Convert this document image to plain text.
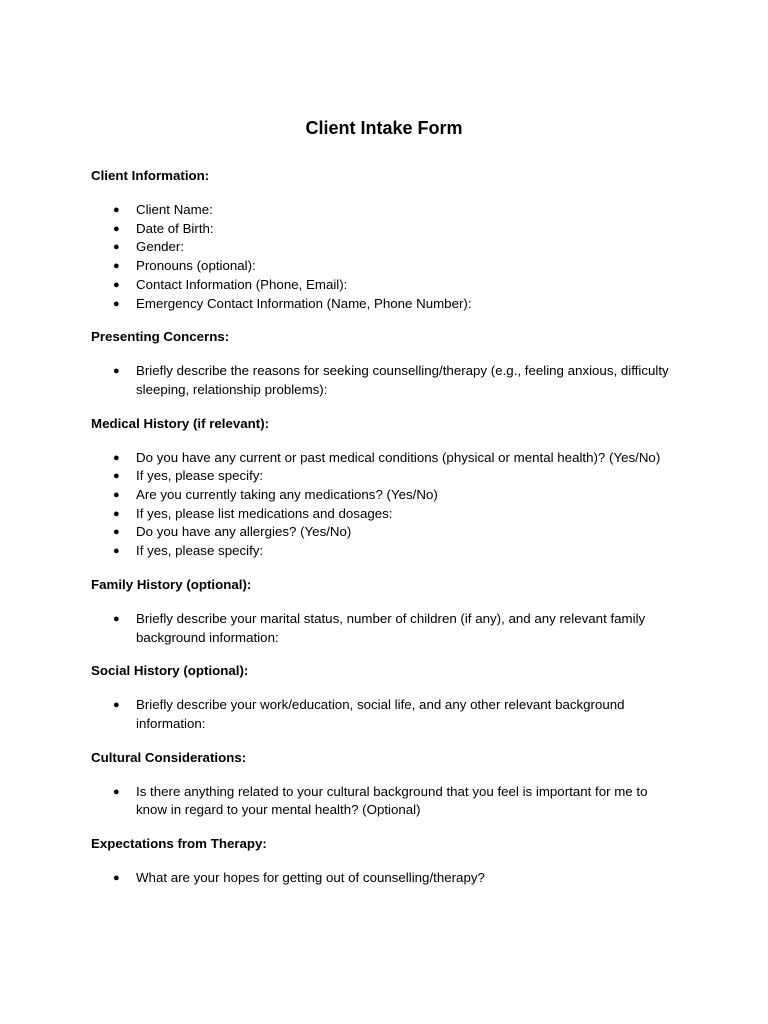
Client Intake Form
Client Information:
● Client Name:
● Date of Birth:
● Gender:
● Pronouns (optional):
● Contact Information (Phone, Email):
● Emergency Contact Information (Name, Phone Number):
Presenting Concerns:
● Briefly describe the reasons for seeking counselling/therapy (e.g., feeling anxious, difficulty sleeping, relationship problems):
Medical History (if relevant):
● Do you have any current or past medical conditions (physical or mental health)? (Yes/No)
● If yes, please specify:
● Are you currently taking any medications? (Yes/No)
● If yes, please list medications and dosages:
● Do you have any allergies? (Yes/No)
● If yes, please specify:
Family History (optional):
● Briefly describe your marital status, number of children (if any), and any relevant family background information:
Social History (optional):
● Briefly describe your work/education, social life, and any other relevant background information:
Cultural Considerations:
● Is there anything related to your cultural background that you feel is important for me to know in regard to your mental health? (Optional)
Expectations from Therapy:
● What are your hopes for getting out of counselling/therapy?
